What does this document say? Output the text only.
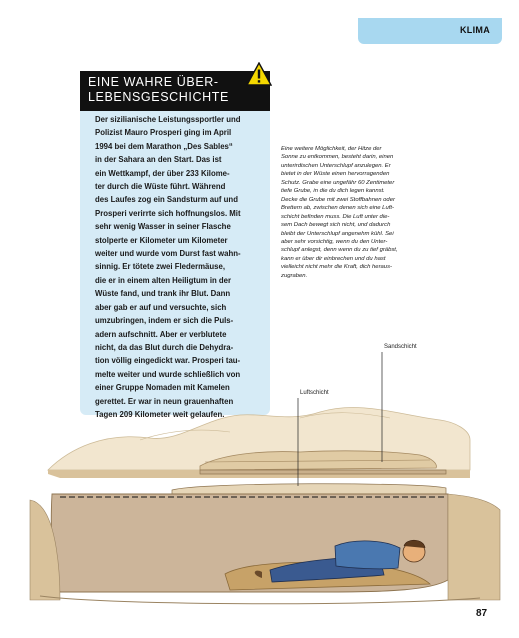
KLIMA
EINE WAHRE ÜBER-
LEBENSGESCHICHTE
Der sizilianische Leistungssportler und
Polizist Mauro Prosperi ging im April
1994 bei dem Marathon „Des Sables“
in der Sahara an den Start. Das ist
ein Wettkampf, der über 233 Kilome-
ter durch die Wüste führt. Während
des Laufes zog ein Sandsturm auf und
Prosperi verirrte sich hoffnungslos. Mit
sehr wenig Wasser in seiner Flasche
stolperte er Kilometer um Kilometer
weiter und wurde vom Durst fast wahn-
sinnig. Er tötete zwei Fledermäuse,
die er in einem alten Heiligtum in der
Wüste fand, und trank ihr Blut. Dann
aber gab er auf und versuchte, sich
umzubringen, indem er sich die Puls-
adern aufschnitt. Aber er verblutete
nicht, da das Blut durch die Dehydra-
tion völlig eingedickt war. Prosperi tau-
melte weiter und wurde schließlich von
einer Gruppe Nomaden mit Kamelen
gerettet. Er war in neun grauenhaften
Tagen 209 Kilometer weit gelaufen.
Eine weitere Möglichkeit, der Hitze der
Sonne zu entkommen, besteht darin, einen
unterirdischen Unterschlupf anzulegen. Er
bietet in der Wüste einen hervorragenden
Schutz. Grabe eine ungefähr 60 Zentimeter
tiefe Grube, in die du dich legen kannst.
Decke die Grube mit zwei Stoffbahnen oder
Brettern ab, zwischen denen sich eine Luft-
schicht befinden muss. Die Luft unter die-
sem Dach bewegt sich nicht, und dadurch
bleibt der Unterschlupf angenehm kühl. Sei
aber sehr vorsichtig, wenn du den Unter-
schlupf anlegst, denn wenn du zu tief gräbst,
kann er über dir einbrechen und du hast
vielleicht nicht mehr die Kraft, dich heraus-
zugraben.
Sandschicht
Luftschicht
87
